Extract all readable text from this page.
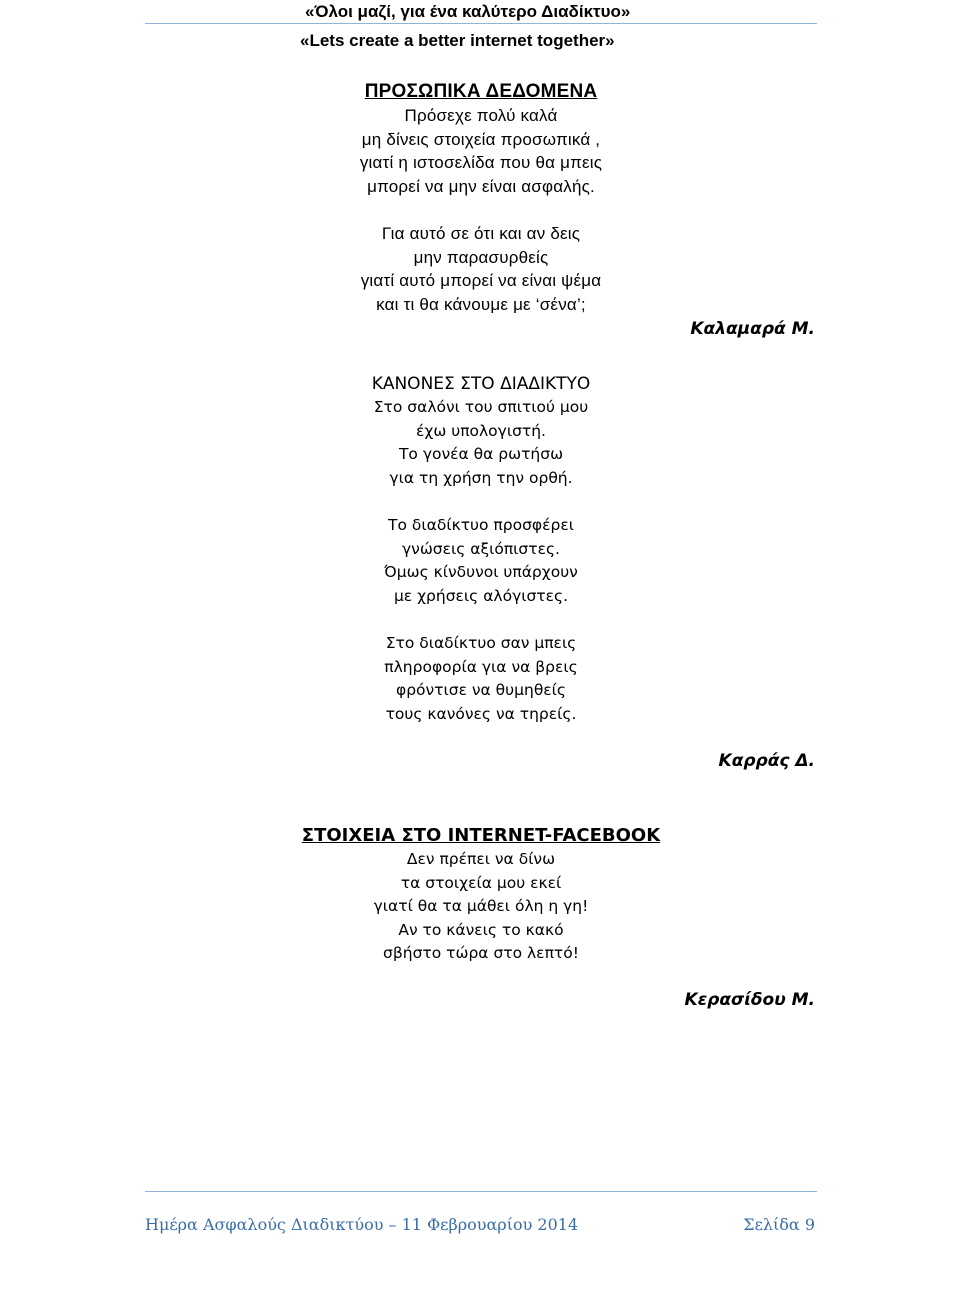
«Όλοι μαζί, για ένα καλύτερο Διαδίκτυο»
«Lets create a better internet together»
ΠΡΟΣΩΠΙΚΑ ΔΕΔΟΜΕΝΑ
Πρόσεχε πολύ καλά
μη δίνεις στοιχεία προσωπικά ,
γιατί η ιστοσελίδα που θα μπεις
μπορεί να μην είναι ασφαλής.
Για αυτό σε ότι και αν δεις
μην παρασυρθείς
γιατί αυτό μπορεί να είναι ψέμα
και τι θα κάνουμε με ‘σένα’;
Καλαμαρά Μ.
ΚΑΝΟΝΕΣ ΣΤΟ ΔΙΑΔΙΚΤΥΟ
Στο σαλόνι του σπιτιού μου
έχω υπολογιστή.
Το γονέα θα ρωτήσω
για τη χρήση την ορθή.
Το διαδίκτυο προσφέρει
γνώσεις αξιόπιστες.
Όμως κίνδυνοι υπάρχουν
με χρήσεις αλόγιστες.
Στο διαδίκτυο σαν μπεις
πληροφορία για να βρεις
φρόντισε να θυμηθείς
τους κανόνες να τηρείς.
Καρράς Δ.
ΣΤΟΙΧΕΙΑ ΣΤΟ INTERNET-FACEBOOK
Δεν πρέπει να δίνω
τα στοιχεία μου εκεί
γιατί θα τα μάθει όλη η γη!
Αν το κάνεις το κακό
σβήστο τώρα στο λεπτό!
Κερασίδου Μ.
Ημέρα Ασφαλούς Διαδικτύου – 11 Φεβρουαρίου 2014	Σελίδα 9
